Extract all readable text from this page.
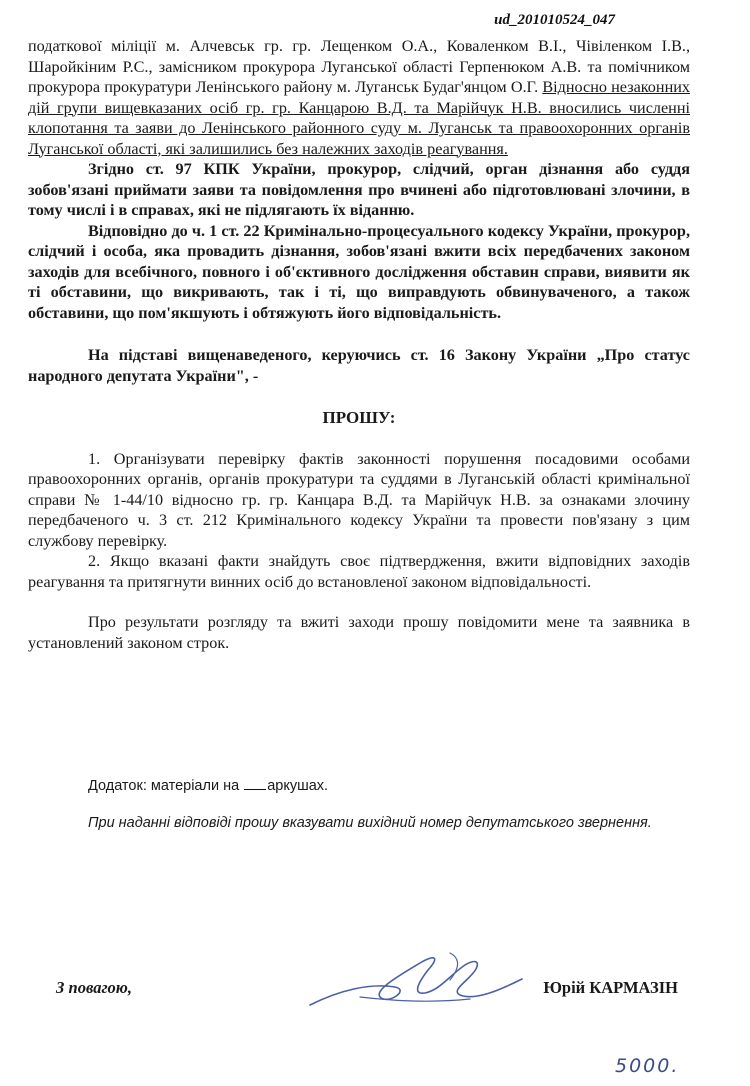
ud_201010524_047

податкової міліції м. Алчевськ гр. гр. Лещенком О.А., Коваленком В.І., Чівіленком І.В., Шаройкіним Р.С., замісником прокурора Луганської області Герпенюком А.В. та помічником прокурора прокуратури Ленінського району м. Луганськ Будаг'янцом О.Г. Відносно незаконних дій групи вищевказаних осіб гр. гр. Канцарою В.Д. та Марійчук Н.В. вносились численні клопотання та заяви до Ленінського районного суду м. Луганськ та правоохоронних органів Луганської області, які залишились без належних заходів реагування.

Згідно ст. 97 КПК України, прокурор, слідчий, орган дізнання або суддя зобов'язані приймати заяви та повідомлення про вчинені або підготовлювані злочини, в тому числі і в справах, які не підлягають їх віданню.

Відповідно до ч. 1 ст. 22 Кримінально-процесуального кодексу України, прокурор, слідчий і особа, яка провадить дізнання, зобов'язані вжити всіх передбачених законом заходів для всебічного, повного і об'єктивного дослідження обставин справи, виявити як ті обставини, що викривають, так і ті, що виправдують обвинуваченого, а також обставини, що пом'якшують і обтяжують його відповідальність.

На підставі вищенаведеного, керуючись ст. 16 Закону України „Про статус народного депутата України", -

ПРОШУ:

1. Організувати перевірку фактів законності порушення посадовими особами правоохоронних органів, органів прокуратури та суддями в Луганській області кримінальної справи № 1-44/10 відносно гр. гр. Канцара В.Д. та Марійчук Н.В. за ознаками злочину передбаченого ч. 3 ст. 212 Кримінального кодексу України та провести пов'язану з цим службову перевірку.

2. Якщо вказані факти знайдуть своє підтвердження, вжити відповідних заходів реагування та притягнути винних осіб до встановленої законом відповідальності.

Про результати розгляду та вжиті заходи прошу повідомити мене та заявника в установлений законом строк.

Додаток: матеріали на аркушах.
При наданні відповіді прошу вказувати вихідний номер депутатського звернення.
З повагою,	Юрій КАРМАЗІН
5000.
